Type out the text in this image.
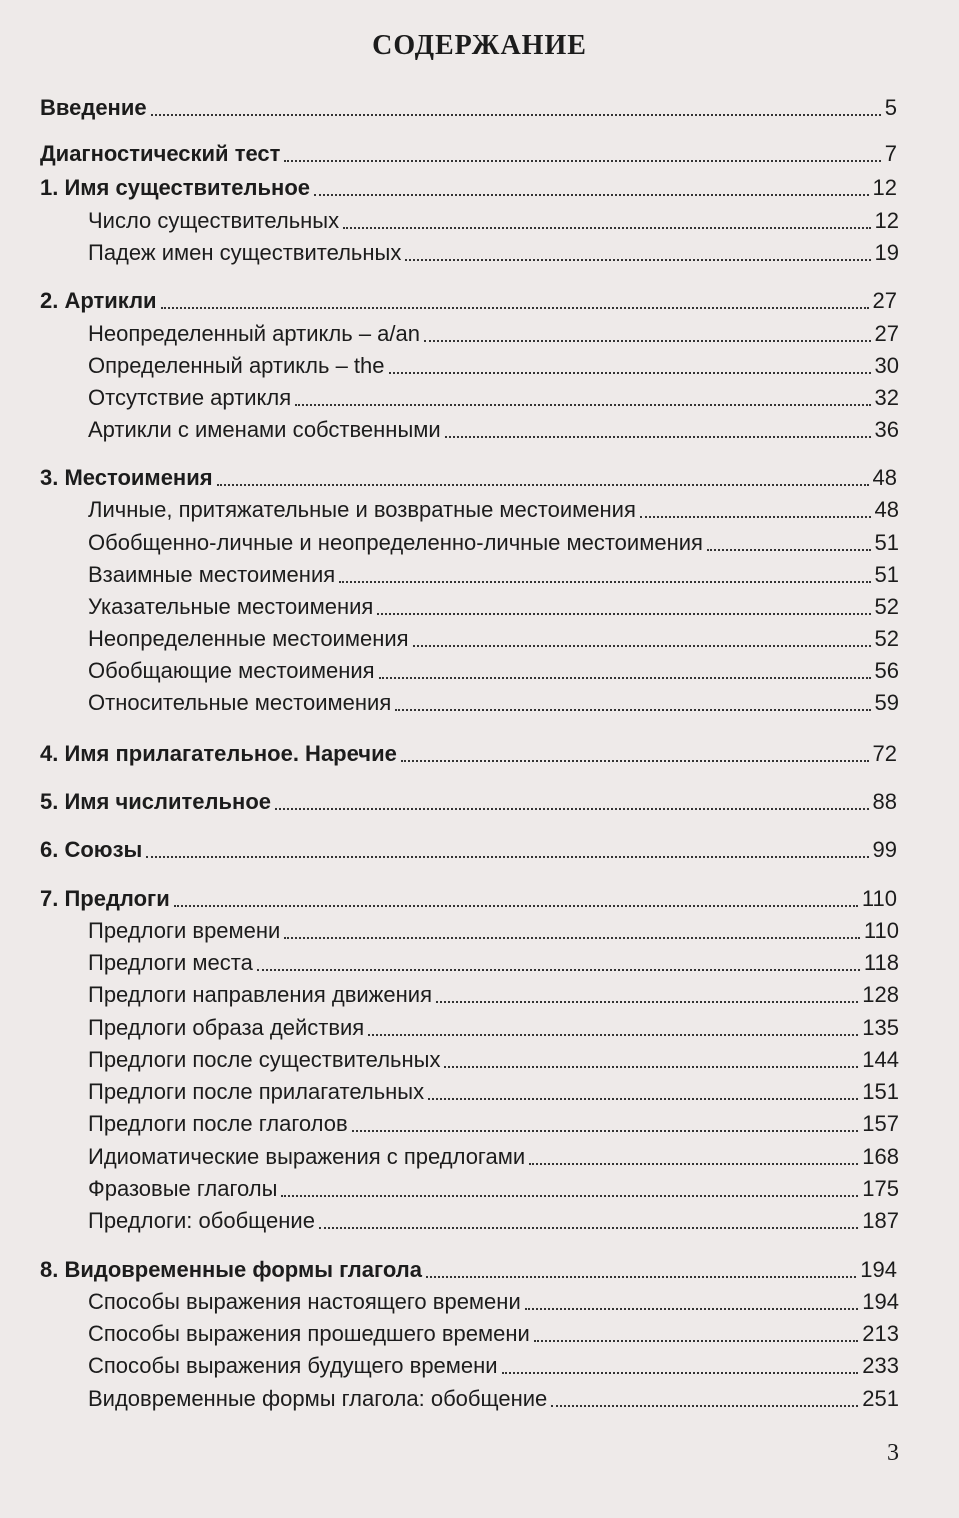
СОДЕРЖАНИЕ
Введение	5
Диагностический тест	7
1. Имя существительное	12
Число существительных	12
Падеж имен существительных	19
2. Артикли	27
Неопределенный артикль – a/an	27
Определенный артикль – the	30
Отсутствие артикля	32
Артикли с именами собственными	36
3. Местоимения	48
Личные, притяжательные и возвратные местоимения	48
Обобщенно-личные и неопределенно-личные местоимения	51
Взаимные местоимения	51
Указательные местоимения	52
Неопределенные местоимения	52
Обобщающие местоимения	56
Относительные местоимения	59
4. Имя прилагательное. Наречие	72
5. Имя числительное	88
6. Союзы	99
7. Предлоги	110
Предлоги времени	110
Предлоги места	118
Предлоги направления движения	128
Предлоги образа действия	135
Предлоги после существительных	144
Предлоги после прилагательных	151
Предлоги после глаголов	157
Идиоматические выражения с предлогами	168
Фразовые глаголы	175
Предлоги: обобщение	187
8. Видовременные формы глагола	194
Способы выражения настоящего времени	194
Способы выражения прошедшего времени	213
Способы выражения будущего времени	233
Видовременные формы глагола: обобщение	251
3
